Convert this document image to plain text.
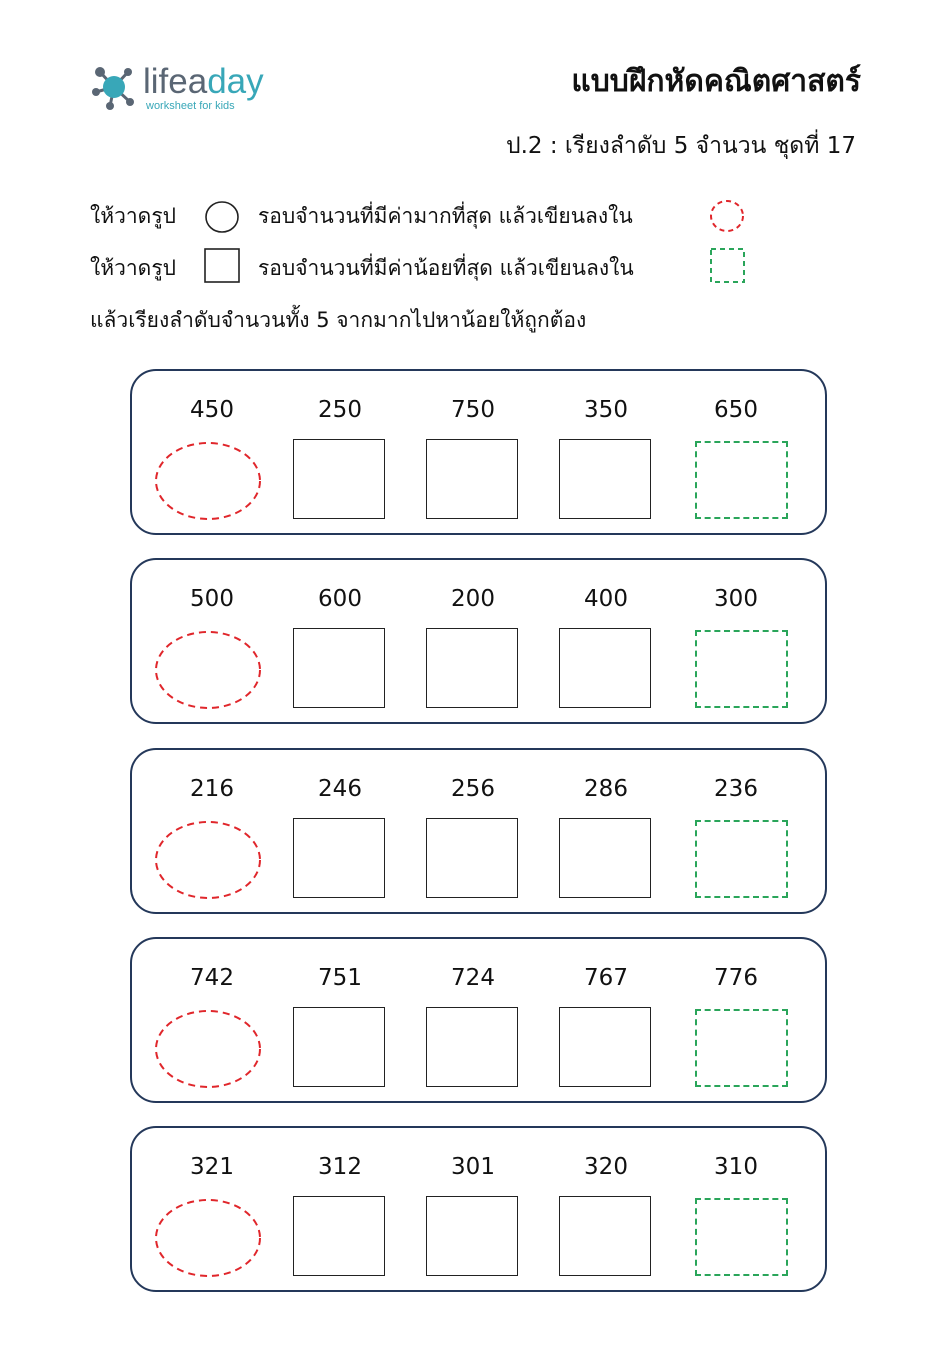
lifeaday
worksheet for kids
แบบฝึกหัดคณิตศาสตร์
ป.2 : เรียงลำดับ 5 จำนวน ชุดที่ 17
ให้วาดรูป	รอบจำนวนที่มีค่ามากที่สุด แล้วเขียนลงใน
ให้วาดรูป	รอบจำนวนที่มีค่าน้อยที่สุด แล้วเขียนลงใน
แล้วเรียงลำดับจำนวนทั้ง 5 จากมากไปหาน้อยให้ถูกต้อง
450	250	750	350	650
500	600	200	400	300
216	246	256	286	236
742	751	724	767	776
321	312	301	320	310
